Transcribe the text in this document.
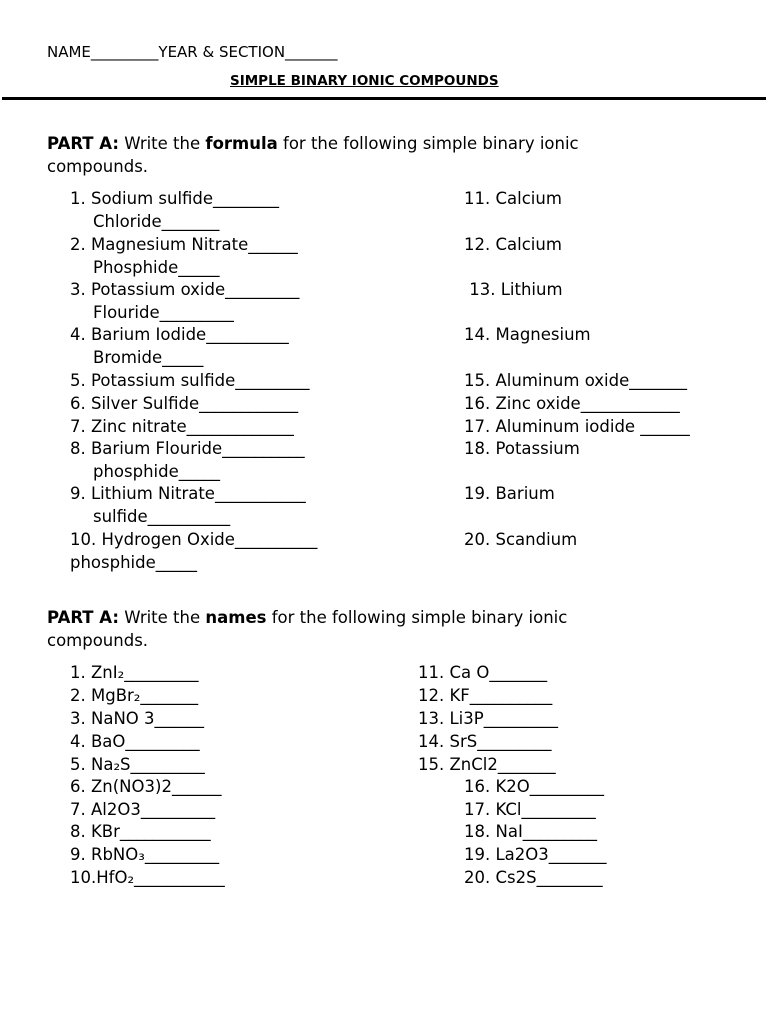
NAME_________YEAR & SECTION_______
SIMPLE BINARY IONIC COMPOUNDS
PART A: Write the formula for the following simple binary ionic
compounds.
1. Sodium sulfide________
Chloride_______
2. Magnesium Nitrate______
Phosphide_____
3. Potassium oxide_________
Flouride_________
4. Barium Iodide__________
Bromide_____
5. Potassium sulfide_________
6. Silver Sulfide____________
7. Zinc nitrate_____________
8. Barium Flouride__________
phosphide_____
9. Lithium Nitrate___________
sulfide__________
10. Hydrogen Oxide__________
phosphide_____
11. Calcium
12. Calcium
13. Lithium
14. Magnesium
15. Aluminum oxide_______
16. Zinc oxide____________
17. Aluminum iodide ______
18. Potassium
19. Barium
20. Scandium
PART A: Write the names for the following simple binary ionic
compounds.
1. ZnI₂_________
2. MgBr₂_______
3. NaNO 3______
4. BaO_________
5. Na₂S_________
6. Zn(NO3)2______
7. Al2O3_________
8. KBr___________
9. RbNO₃_________
10.HfO₂___________
11. Ca O_______
12. KF__________
13. Li3P_________
14. SrS_________
15. ZnCl2_______
16. K2O_________
17. KCl_________
18. NaI_________
19. La2O3_______
20. Cs2S________
